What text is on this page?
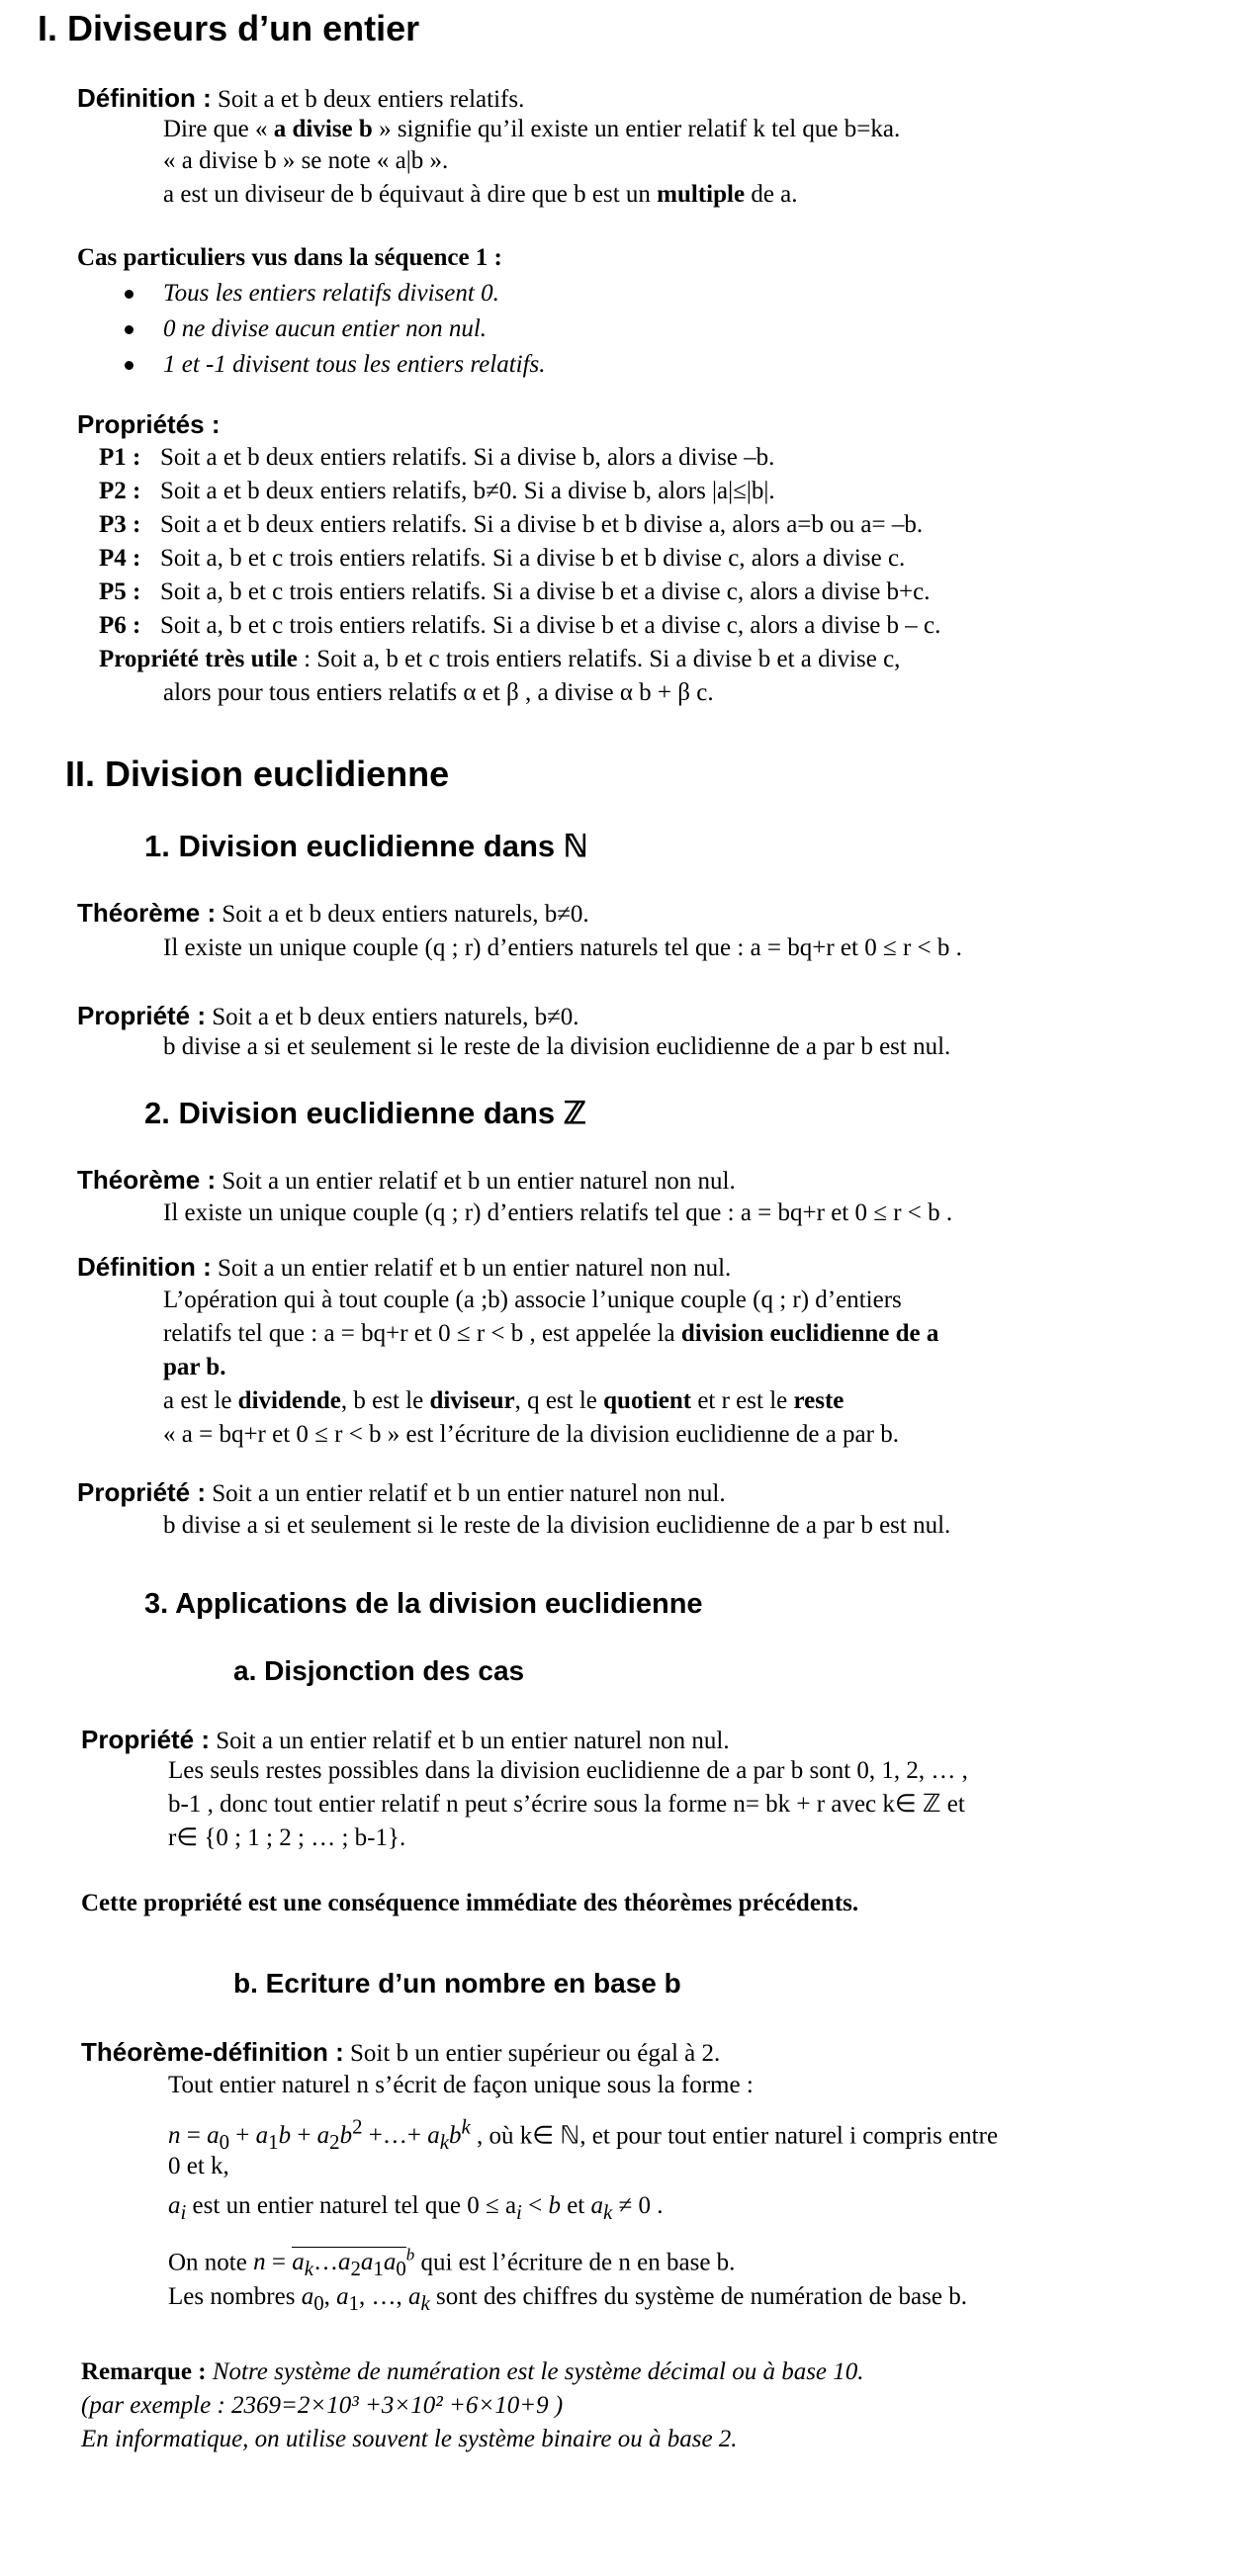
I. Diviseurs d’un entier
Définition : Soit a et b deux entiers relatifs.
Dire que « a divise b » signifie qu’il existe un entier relatif k tel que b=ka.
« a divise b » se note « a|b ».
a est un diviseur de b équivaut à dire que b est un multiple de a.
Cas particuliers vus dans la séquence 1 :
Tous les entiers relatifs divisent 0.
0 ne divise aucun entier non nul.
1 et -1 divisent tous les entiers relatifs.
Propriétés :
P1 : Soit a et b deux entiers relatifs. Si a divise b, alors a divise –b.
P2 : Soit a et b deux entiers relatifs, b≠0. Si a divise b, alors |a|≤|b|.
P3 : Soit a et b deux entiers relatifs. Si a divise b et b divise a, alors a=b ou a= –b.
P4 : Soit a, b et c trois entiers relatifs. Si a divise b et b divise c, alors a divise c.
P5 : Soit a, b et c trois entiers relatifs. Si a divise b et a divise c, alors a divise b+c.
P6 : Soit a, b et c trois entiers relatifs. Si a divise b et a divise c, alors a divise b – c.
Propriété très utile : Soit a, b et c trois entiers relatifs. Si a divise b et a divise c,
alors pour tous entiers relatifs α et β , a divise α b + β c.
II. Division euclidienne
1. Division euclidienne dans ℕ
Théorème : Soit a et b deux entiers naturels, b≠0.
Il existe un unique couple (q ; r) d’entiers naturels tel que : a = bq+r et 0 ≤ r < b .
Propriété : Soit a et b deux entiers naturels, b≠0.
b divise a si et seulement si le reste de la division euclidienne de a par b est nul.
2. Division euclidienne dans ℤ
Théorème : Soit a un entier relatif et b un entier naturel non nul.
Il existe un unique couple (q ; r) d’entiers relatifs tel que : a = bq+r et 0 ≤ r < b .
Définition : Soit a un entier relatif et b un entier naturel non nul.
L’opération qui à tout couple (a ;b) associe l’unique couple (q ; r) d’entiers
relatifs tel que : a = bq+r et 0 ≤ r < b , est appelée la division euclidienne de a
par b.
a est le dividende, b est le diviseur, q est le quotient et r est le reste
« a = bq+r et 0 ≤ r < b » est l’écriture de la division euclidienne de a par b.
Propriété : Soit a un entier relatif et b un entier naturel non nul.
b divise a si et seulement si le reste de la division euclidienne de a par b est nul.
3. Applications de la division euclidienne
a. Disjonction des cas
Propriété : Soit a un entier relatif et b un entier naturel non nul.
Les seuls restes possibles dans la division euclidienne de a par b sont 0, 1, 2, … ,
b-1 , donc tout entier relatif n peut s’écrire sous la forme n= bk + r avec k∈ ℤ et
r∈ {0 ; 1 ; 2 ; … ; b-1}.
Cette propriété est une conséquence immédiate des théorèmes précédents.
b. Ecriture d’un nombre en base b
Théorème-définition : Soit b un entier supérieur ou égal à 2.
Tout entier naturel n s’écrit de façon unique sous la forme :
$n = a_0 + a_1b + a_2b^2$ +…+ $a_kb^k$ , où k∈ ℕ, et pour tout entier naturel i compris entre
0 et k,
$a_i$ est un entier naturel tel que $0 \le a_i < b$ et $a_k \ne 0$ .
On note $n = a_k\dots a_2a_1a_0^b$ qui est l’écriture de n en base b.
Les nombres $a_0$, $a_1$, …, $a_k$ sont des chiffres du système de numération de base b.
Remarque : Notre système de numération est le système décimal ou à base 10.
(par exemple : 2369=2×10³ +3×10² +6×10+9 )
En informatique, on utilise souvent le système binaire ou à base 2.
